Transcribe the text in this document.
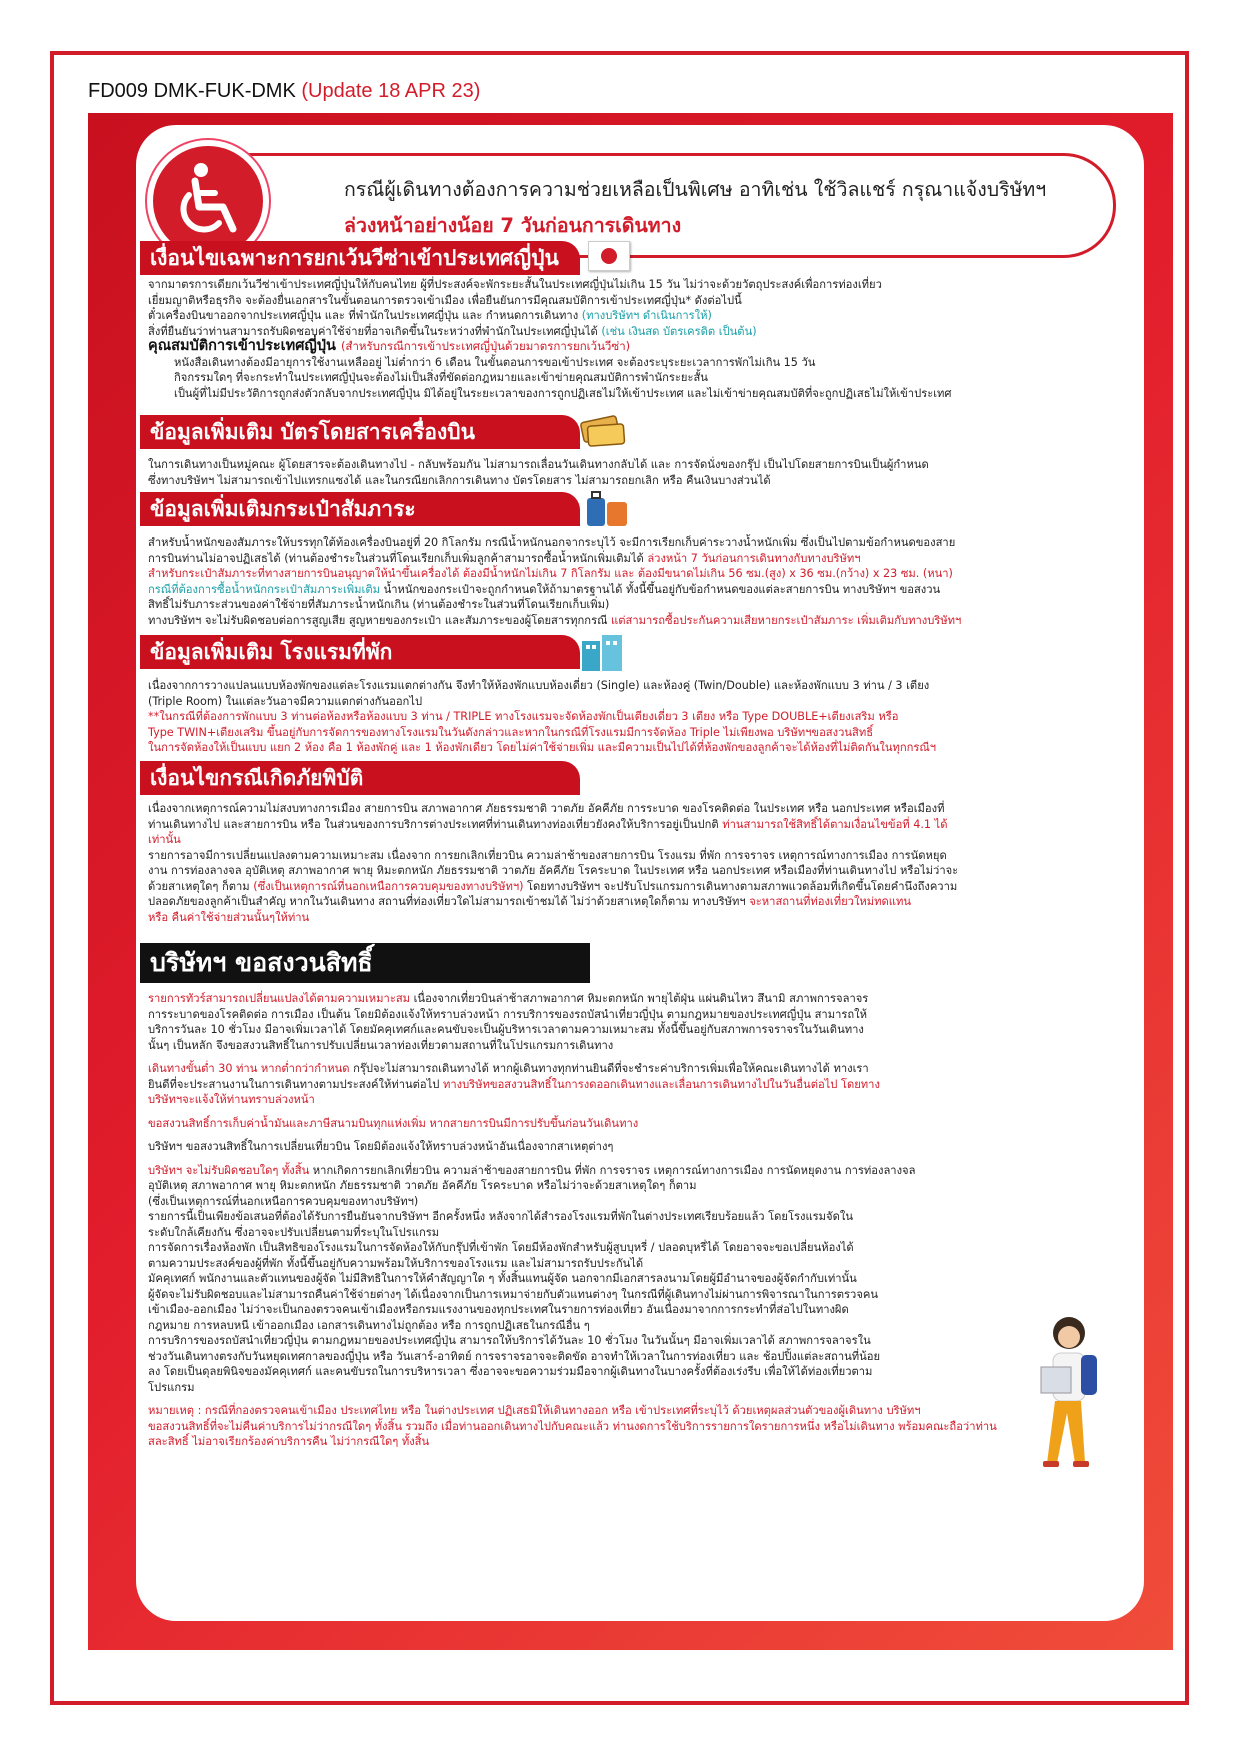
FD009 DMK-FUK-DMK (Update 18 APR 23)
กรณีผู้เดินทางต้องการความช่วยเหลือเป็นพิเศษ อาทิเช่น ใช้วิลแชร์ กรุณาแจ้งบริษัทฯ
ล่วงหน้าอย่างน้อย 7 วันก่อนการเดินทาง
เงื่อนไขเฉพาะการยกเว้นวีซ่าเข้าประเทศญี่ปุ่น

จากมาตรการเดียกเว้นวีซ่าเข้าประเทศญี่ปุ่นให้กับคนไทย ผู้ที่ประสงค์จะพักระยะสั้นในประเทศญี่ปุ่นไม่เกิน 15 วัน ไม่ว่าจะด้วยวัตถุประสงค์เพื่อการท่องเที่ยว

เยี่ยมญาติหรือธุรกิจ จะต้องยื่นเอกสารในขั้นตอนการตรวจเข้าเมือง เพื่อยืนยันการมีคุณสมบัติการเข้าประเทศญี่ปุ่น* ดังต่อไปนี้

ตั๋วเครื่องบินขาออกจากประเทศญี่ปุ่น และ ที่พำนักในประเทศญี่ปุ่น และ กำหนดการเดินทาง (ทางบริษัทฯ ดำเนินการให้)

สิ่งที่ยืนยันว่าท่านสามารถรับผิดชอบค่าใช้จ่ายที่อาจเกิดขึ้นในระหว่างที่พำนักในประเทศญี่ปุ่นได้ (เช่น เงินสด บัตรเครดิต เป็นต้น)

คุณสมบัติการเข้าประเทศญี่ปุ่น (สำหรับกรณีการเข้าประเทศญี่ปุ่นด้วยมาตรการยกเว้นวีซ่า)

หนังสือเดินทางต้องมีอายุการใช้งานเหลืออยู่ ไม่ต่ำกว่า 6 เดือน ในขั้นตอนการขอเข้าประเทศ จะต้องระบุระยะเวลาการพักไม่เกิน 15 วัน

กิจกรรมใดๆ ที่จะกระทำในประเทศญี่ปุ่นจะต้องไม่เป็นสิ่งที่ขัดต่อกฎหมายและเข้าข่ายคุณสมบัติการพำนักระยะสั้น

เป็นผู้ที่ไม่มีประวัติการถูกส่งตัวกลับจากประเทศญี่ปุ่น มิได้อยู่ในระยะเวลาของการถูกปฏิเสธไม่ให้เข้าประเทศ และไม่เข้าข่ายคุณสมบัติที่จะถูกปฏิเสธไม่ให้เข้าประเทศ

ข้อมูลเพิ่มเติม บัตรโดยสารเครื่องบิน

ในการเดินทางเป็นหมู่คณะ ผู้โดยสารจะต้องเดินทางไป - กลับพร้อมกัน ไม่สามารถเลื่อนวันเดินทางกลับได้ และ การจัดนั่งของกรุ๊ป เป็นไปโดยสายการบินเป็นผู้กำหนด

ซึ่งทางบริษัทฯ ไม่สามารถเข้าไปแทรกแซงได้ และในกรณียกเลิกการเดินทาง บัตรโดยสาร ไม่สามารถยกเลิก หรือ คืนเงินบางส่วนได้

ข้อมูลเพิ่มเติมกระเป๋าสัมภาระ

สำหรับน้ำหนักของสัมภาระให้บรรทุกใต้ท้องเครื่องบินอยู่ที่ 20 กิโลกรัม กรณีน้ำหนักนอกจากระบุไว้ จะมีการเรียกเก็บค่าระวางน้ำหนักเพิ่ม ซึ่งเป็นไปตามข้อกำหนดของสาย

การบินท่านไม่อาจปฏิเสธได้ (ท่านต้องชำระในส่วนที่โดนเรียกเก็บเพิ่มลูกค้าสามารถซื้อน้ำหนักเพิ่มเติมได้ ล่วงหน้า 7 วันก่อนการเดินทางกับทางบริษัทฯ

สำหรับกระเป๋าสัมภาระที่ทางสายการบินอนุญาตให้นำขึ้นเครื่องได้ ต้องมีน้ำหนักไม่เกิน 7 กิโลกรัม และ ต้องมีขนาดไม่เกิน 56 ซม.(สูง) x 36 ซม.(กว้าง) x 23 ซม. (หนา)

กรณีที่ต้องการซื้อน้ำหนักกระเป๋าสัมภาระเพิ่มเติม น้ำหนักของกระเป๋าจะถูกกำหนดให้ถ้ามาตรฐานได้ ทั้งนี้ขึ้นอยู่กับข้อกำหนดของแต่ละสายการบิน ทางบริษัทฯ ขอสงวน

สิทธิ์ไม่รับภาระส่วนของค่าใช้จ่ายที่สัมภาระน้ำหนักเกิน (ท่านต้องชำระในส่วนที่โดนเรียกเก็บเพิ่ม)

ทางบริษัทฯ จะไม่รับผิดชอบต่อการสูญเสีย สูญหายของกระเป๋า และสัมภาระของผู้โดยสารทุกกรณี แต่สามารถซื้อประกันความเสียหายกระเป๋าสัมภาระ เพิ่มเติมกับทางบริษัทฯ

ข้อมูลเพิ่มเติม โรงแรมที่พัก

เนื่องจากการวางแปลนแบบห้องพักของแต่ละโรงแรมแตกต่างกัน จึงทำให้ห้องพักแบบห้องเดี่ยว (Single) และห้องคู่ (Twin/Double) และห้องพักแบบ 3 ท่าน / 3 เตียง

(Triple Room) ในแต่ละวันอาจมีความแตกต่างกันออกไป

**ในกรณีที่ต้องการพักแบบ 3 ท่านต่อห้องหรือห้องแบบ 3 ท่าน / TRIPLE ทางโรงแรมจะจัดห้องพักเป็นเตียงเดี่ยว 3 เตียง หรือ Type DOUBLE+เตียงเสริม หรือ

Type TWIN+เตียงเสริม ขึ้นอยู่กับการจัดการของทางโรงแรมในวันดังกล่าวและหากในกรณีที่โรงแรมมีการจัดห้อง Triple ไม่เพียงพอ บริษัทฯขอสงวนสิทธิ์

ในการจัดห้องให้เป็นแบบ แยก 2 ห้อง คือ 1 ห้องพักคู่ และ 1 ห้องพักเดียว โดยไม่ค่าใช้จ่ายเพิ่ม และมีความเป็นไปได้ที่ห้องพักของลูกค้าจะได้ห้องที่ไม่ติดกันในทุกกรณีฯ

เงื่อนไขกรณีเกิดภัยพิบัติ

เนื่องจากเหตุการณ์ความไม่สงบทางการเมือง สายการบิน สภาพอากาศ ภัยธรรมชาติ วาตภัย อัคคีภัย การระบาด ของโรคติดต่อ ในประเทศ หรือ นอกประเทศ หรือเมืองที่

ท่านเดินทางไป และสายการบิน หรือ ในส่วนของการบริการต่างประเทศที่ท่านเดินทางท่องเที่ยวยังคงให้บริการอยู่เป็นปกติ ท่านสามารถใช้สิทธิ์ได้ตามเงื่อนไขข้อที่ 4.1 ได้

เท่านั้น

รายการอาจมีการเปลี่ยนแปลงตามความเหมาะสม เนื่องจาก การยกเลิกเที่ยวบิน ความล่าช้าของสายการบิน โรงแรม ที่พัก การจราจร เหตุการณ์ทางการเมือง การนัดหยุด

งาน การท่องลางจล อุบัติเหตุ สภาพอากาศ พายุ หิมะตกหนัก ภัยธรรมชาติ วาตภัย อัคคีภัย โรคระบาด ในประเทศ หรือ นอกประเทศ หรือเมืองที่ท่านเดินทางไป หรือไม่ว่าจะ

ด้วยสาเหตุใดๆ ก็ตาม (ซึ่งเป็นเหตุการณ์ที่นอกเหนือการควบคุมของทางบริษัทฯ) โดยทางบริษัทฯ จะปรับโปรแกรมการเดินทางตามสภาพแวดล้อมที่เกิดขึ้นโดยคำนึงถึงความ

ปลอดภัยของลูกค้าเป็นสำคัญ หากในวันเดินทาง สถานที่ท่องเที่ยวใดไม่สามารถเข้าชมได้ ไม่ว่าด้วยสาเหตุใดก็ตาม ทางบริษัทฯ จะหาสถานที่ท่องเที่ยวใหม่ทดแทน

หรือ คืนค่าใช้จ่ายส่วนนั้นๆให้ท่าน

บริษัทฯ ขอสงวนสิทธิ์

รายการทัวร์สามารถเปลี่ยนแปลงได้ตามความเหมาะสม เนื่องจากเที่ยวบินล่าช้าสภาพอากาศ หิมะตกหนัก พายุไต้ฝุ่น แผ่นดินไหว สึนามิ สภาพการจลาจร

การระบาดของโรคติดต่อ การเมือง เป็นต้น โดยมิต้องแจ้งให้ทราบล่วงหน้า การบริการของรถบัสนำเที่ยวญี่ปุ่น ตามกฎหมายของประเทศญี่ปุ่น สามารถให้

บริการวันละ 10 ชั่วโมง มีอาจเพิ่มเวลาได้ โดยมัคคุเทศก์และคนขับจะเป็นผู้บริหารเวลาตามความเหมาะสม ทั้งนี้ขึ้นอยู่กับสภาพการจราจรในวันเดินทาง

นั้นๆ เป็นหลัก จึงขอสงวนสิทธิ์ในการปรับเปลี่ยนเวลาท่องเที่ยวตามสถานที่ในโปรแกรมการเดินทาง

เดินทางขั้นต่ำ 30 ท่าน หากต่ำกว่ากำหนด กรุ๊ปจะไม่สามารถเดินทางได้ หากผู้เดินทางทุกท่านยินดีที่จะชำระค่าบริการเพิ่มเพื่อให้คณะเดินทางได้ ทางเรา

ยินดีที่จะประสานงานในการเดินทางตามประสงค์ให้ท่านต่อไป ทางบริษัทขอสงวนสิทธิ์ในการงดออกเดินทางและเลื่อนการเดินทางไปในวันอื่นต่อไป โดยทาง

บริษัทฯจะแจ้งให้ท่านทราบล่วงหน้า

ขอสงวนสิทธิ์การเก็บค่าน้ำมันและภาษีสนามบินทุกแห่งเพิ่ม หากสายการบินมีการปรับขึ้นก่อนวันเดินทาง

บริษัทฯ ขอสงวนสิทธิ์ในการเปลี่ยนเที่ยวบิน โดยมิต้องแจ้งให้ทราบล่วงหน้าอันเนื่องจากสาเหตุต่างๆ

บริษัทฯ จะไม่รับผิดชอบใดๆ ทั้งสิ้น หากเกิดการยกเลิกเที่ยวบิน ความล่าช้าของสายการบิน ที่พัก การจราจร เหตุการณ์ทางการเมือง การนัดหยุดงาน การท่องลางจล

อุบัติเหตุ สภาพอากาศ พายุ หิมะตกหนัก ภัยธรรมชาติ วาตภัย อัคคีภัย โรคระบาด หรือไม่ว่าจะด้วยสาเหตุใดๆ ก็ตาม

(ซึ่งเป็นเหตุการณ์ที่นอกเหนือการควบคุมของทางบริษัทฯ)

รายการนี้เป็นเพียงข้อเสนอที่ต้องได้รับการยืนยันจากบริษัทฯ อีกครั้งหนึ่ง หลังจากได้สำรองโรงแรมที่พักในต่างประเทศเรียบร้อยแล้ว โดยโรงแรมจัดใน

ระดับใกล้เคียงกัน ซึ่งอาจจะปรับเปลี่ยนตามที่ระบุในโปรแกรม

การจัดการเรื่องห้องพัก เป็นสิทธิของโรงแรมในการจัดห้องให้กับกรุ๊ปที่เข้าพัก โดยมีห้องพักสำหรับผู้สูบบุหรี่ / ปลอดบุหรี่ได้ โดยอาจจะขอเปลี่ยนห้องได้

ตามความประสงค์ของผู้ที่พัก ทั้งนี้ขึ้นอยู่กับความพร้อมให้บริการของโรงแรม และไม่สามารถรับประกันได้

มัคคุเทศก์ พนักงานและตัวแทนของผู้จัด ไม่มีสิทธิในการให้คำสัญญาใด ๆ ทั้งสิ้นแทนผู้จัด นอกจากมีเอกสารลงนามโดยผู้มีอำนาจของผู้จัดกำกับเท่านั้น

ผู้จัดจะไม่รับผิดชอบและไม่สามารถคืนค่าใช้จ่ายต่างๆ ได้เนื่องจากเป็นการเหมาจ่ายกับตัวแทนต่างๆ ในกรณีที่ผู้เดินทางไม่ผ่านการพิจารณาในการตรวจคน

เข้าเมือง-ออกเมือง ไม่ว่าจะเป็นกองตรวจคนเข้าเมืองหรือกรมแรงงานของทุกประเทศในรายการท่องเที่ยว อันเนื่องมาจากการกระทำที่ส่อไปในทางผิด

กฎหมาย การหลบหนี เข้าออกเมือง เอกสารเดินทางไม่ถูกต้อง หรือ การถูกปฏิเสธในกรณีอื่น ๆ

การบริการของรถบัสนำเที่ยวญี่ปุ่น ตามกฎหมายของประเทศญี่ปุ่น สามารถให้บริการได้วันละ 10 ชั่วโมง ในวันนั้นๆ มีอาจเพิ่มเวลาได้ สภาพการจลาจรใน

ช่วงวันเดินทางตรงกับวันหยุดเทศกาลของญี่ปุ่น หรือ วันเสาร์-อาทิตย์ การจราจรอาจจะติดขัด อาจทำให้เวลาในการท่องเที่ยว และ ช้อปปิ้งแต่ละสถานที่น้อย

ลง โดยเป็นดุลยพินิจของมัคคุเทศก์ และคนขับรถในการบริหารเวลา ซึ่งอาจจะขอความร่วมมือจากผู้เดินทางในบางครั้งที่ต้องเร่งรีบ เพื่อให้ได้ท่องเที่ยวตาม

โปรแกรม

หมายเหตุ : กรณีที่กองตรวจคนเข้าเมือง ประเทศไทย หรือ ในต่างประเทศ ปฏิเสธมิให้เดินทางออก หรือ เข้าประเทศที่ระบุไว้ ด้วยเหตุผลส่วนตัวของผู้เดินทาง บริษัทฯ

ขอสงวนสิทธิ์ที่จะไม่คืนค่าบริการไม่ว่ากรณีใดๆ ทั้งสิ้น รวมถึง เมื่อท่านออกเดินทางไปกับคณะแล้ว ท่านงดการใช้บริการรายการใดรายการหนึ่ง หรือไม่เดินทาง พร้อมคณะถือว่าท่าน

สละสิทธิ์ ไม่อาจเรียกร้องค่าบริการคืน ไม่ว่ากรณีใดๆ ทั้งสิ้น
